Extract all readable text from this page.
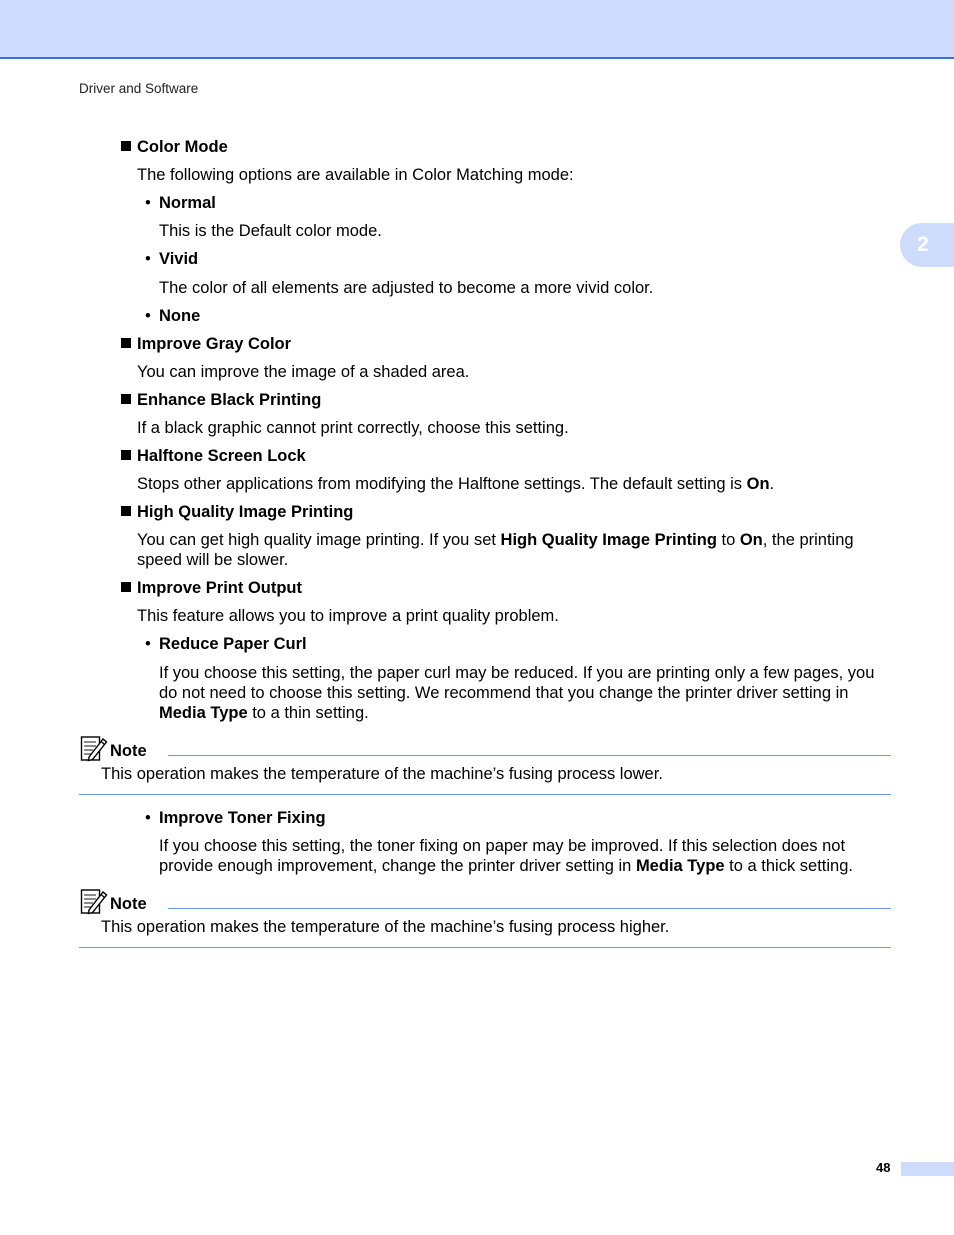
Driver and Software
2
Color Mode
The following options are available in Color Matching mode:
• Normal
This is the Default color mode.
• Vivid
The color of all elements are adjusted to become a more vivid color.
• None
Improve Gray Color
You can improve the image of a shaded area.
Enhance Black Printing
If a black graphic cannot print correctly, choose this setting.
Halftone Screen Lock
Stops other applications from modifying the Halftone settings. The default setting is On.
High Quality Image Printing
You can get high quality image printing. If you set High Quality Image Printing to On, the printing
speed will be slower.
Improve Print Output
This feature allows you to improve a print quality problem.
• Reduce Paper Curl
If you choose this setting, the paper curl may be reduced. If you are printing only a few pages, you
do not need to choose this setting. We recommend that you change the printer driver setting in
Media Type to a thin setting.
Note
This operation makes the temperature of the machine’s fusing process lower.
• Improve Toner Fixing
If you choose this setting, the toner fixing on paper may be improved. If this selection does not
provide enough improvement, change the printer driver setting in Media Type to a thick setting.
Note
This operation makes the temperature of the machine’s fusing process higher.
48
